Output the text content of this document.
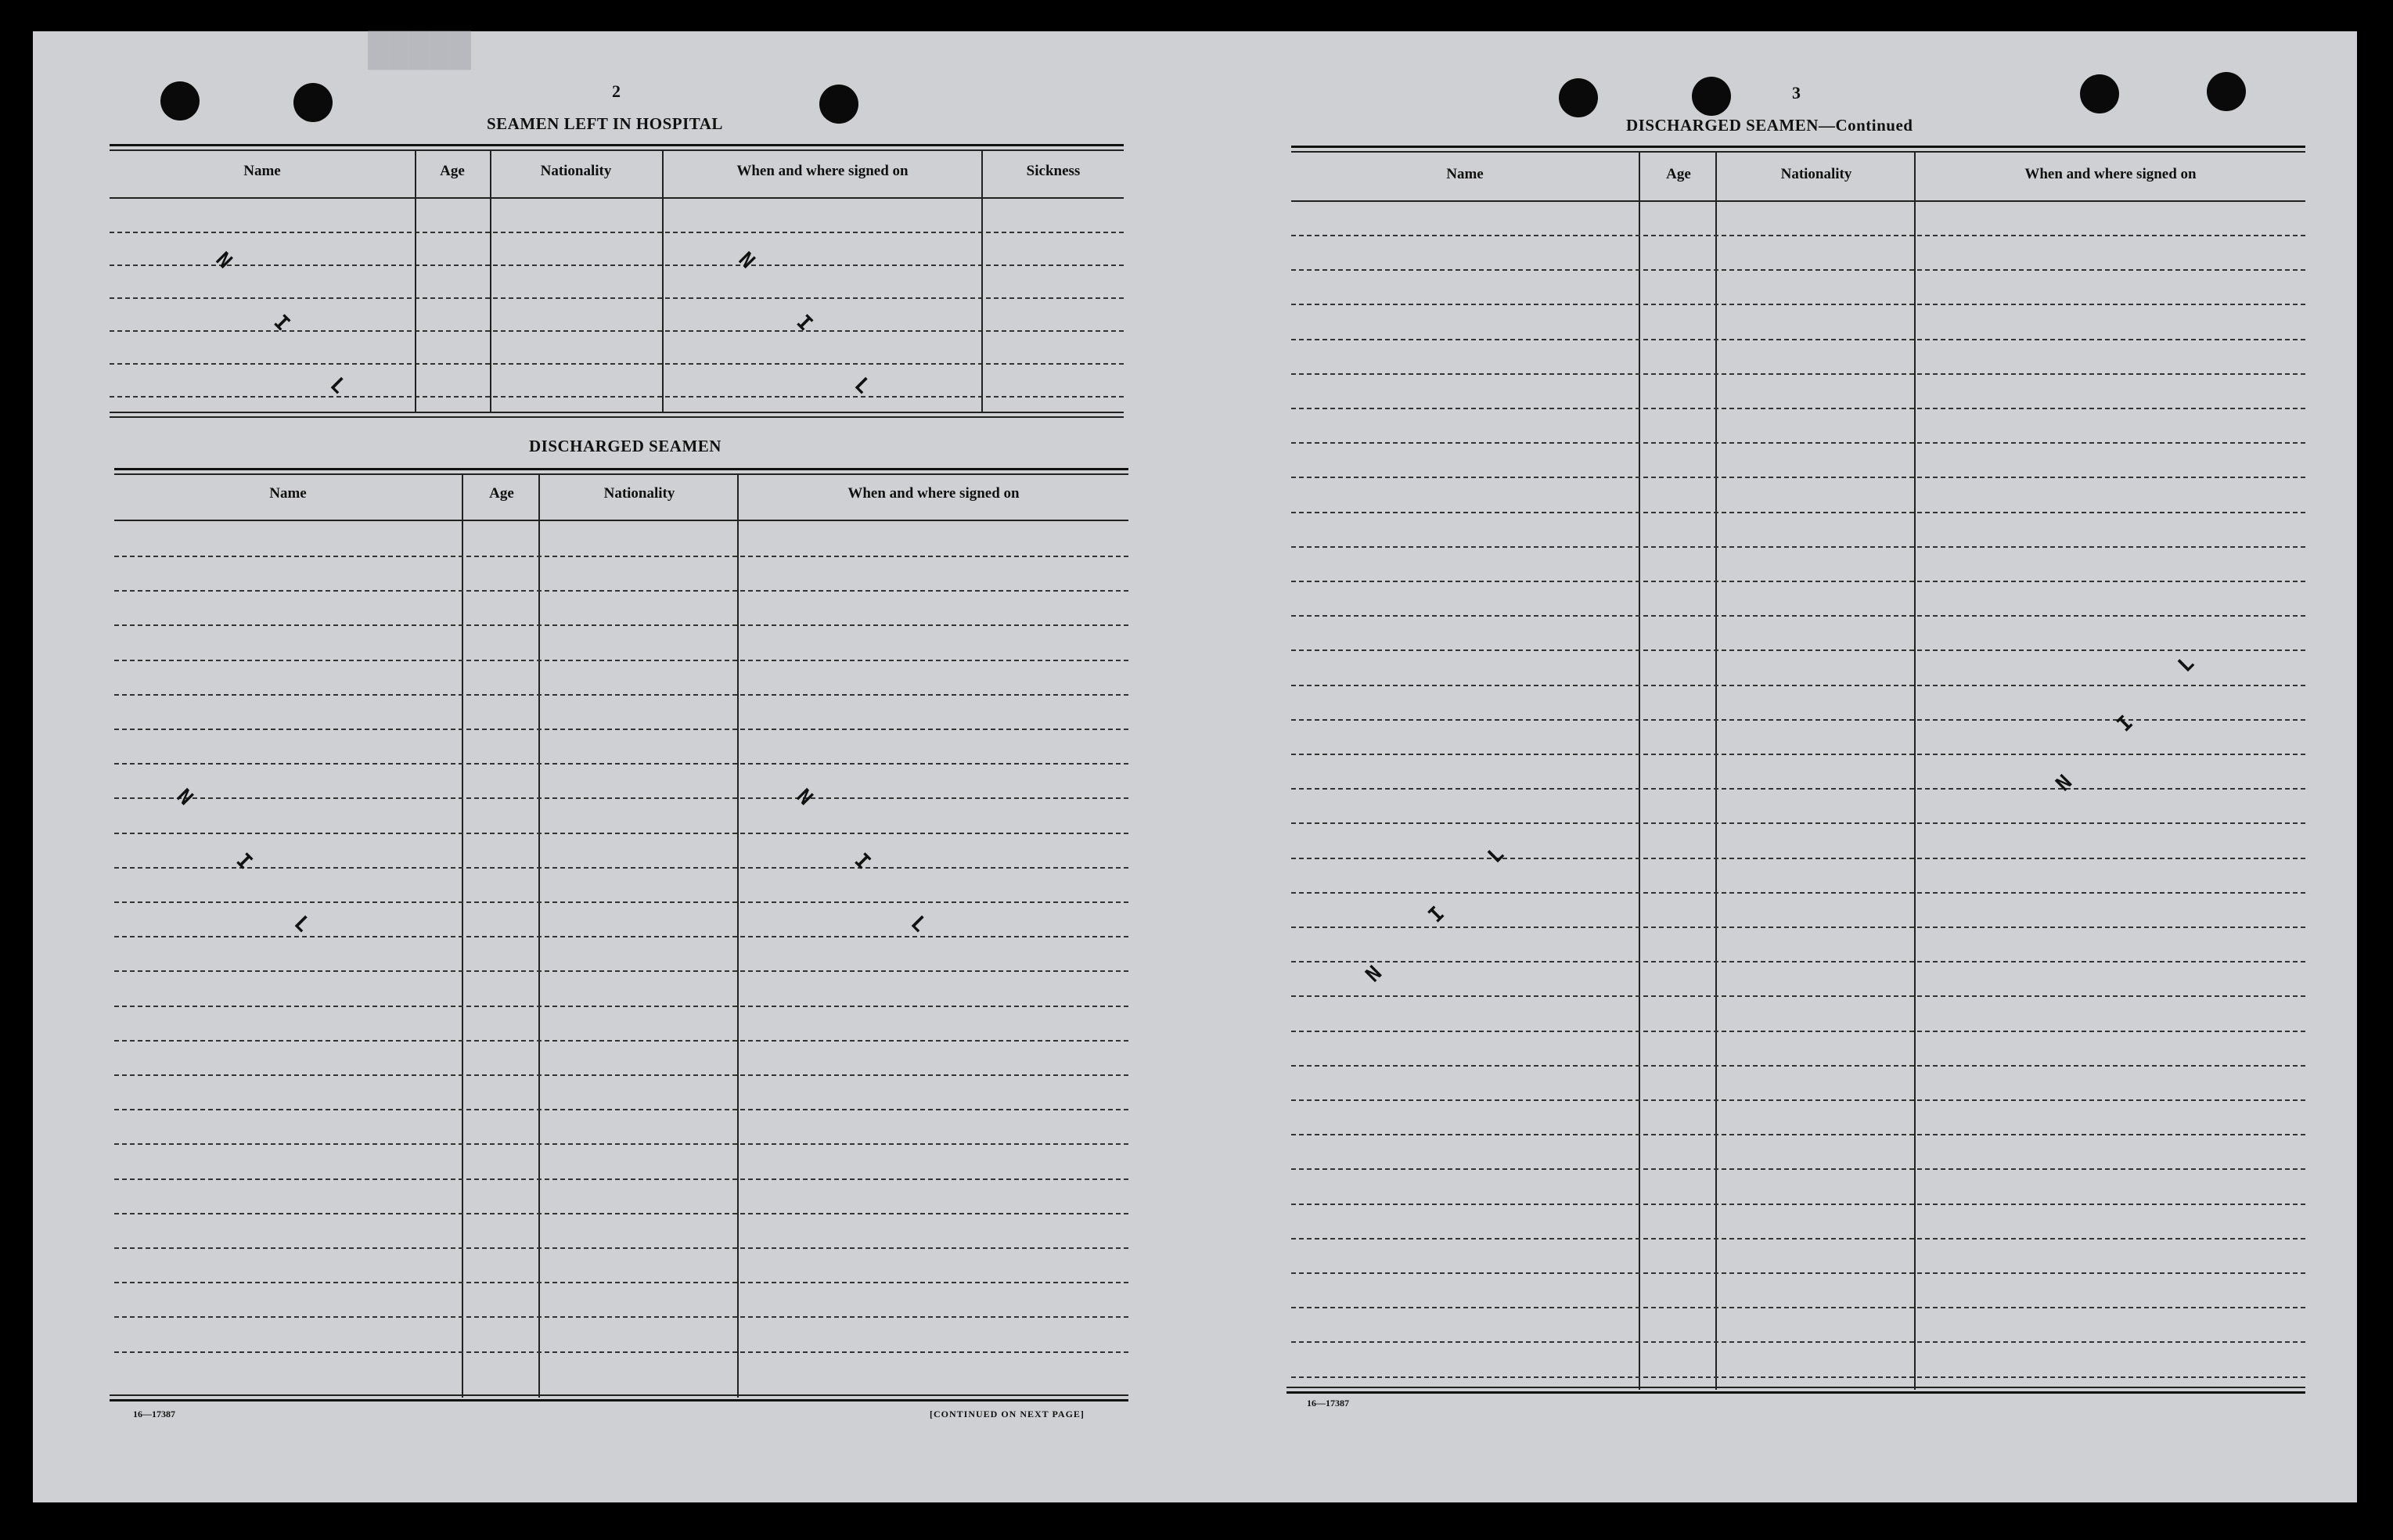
█████
2
SEAMEN LEFT IN HOSPITAL
Name	Age	Nationality	When and where signed on	Sickness
N
I
L
N
I
L
DISCHARGED SEAMEN
Name	Age	Nationality	When and where signed on
N
I
L
N
I
L
16—17387	[CONTINUED ON NEXT PAGE]
3
DISCHARGED SEAMEN—Continued
Name	Age	Nationality	When and where signed on
N
I
L
N
I
L
16—17387
